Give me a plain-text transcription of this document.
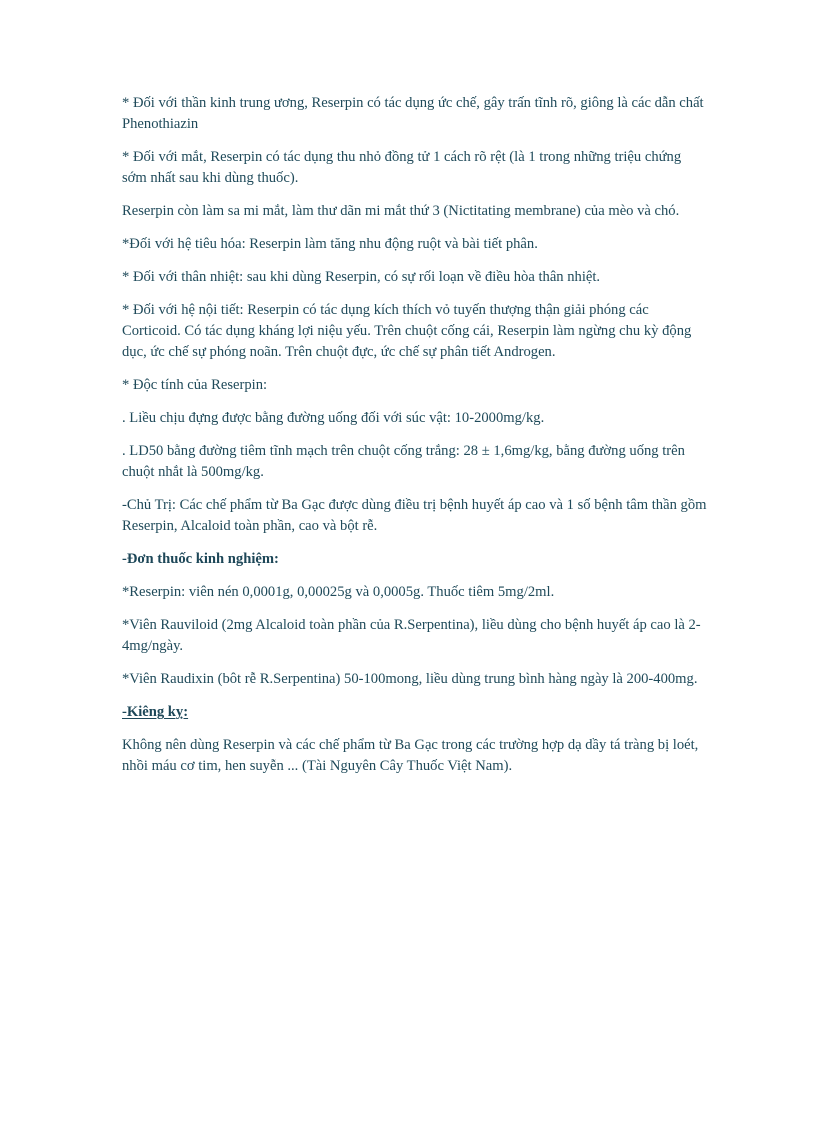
* Đối với thần kinh trung ương, Reserpin có tác dụng ức chế, gây trấn tĩnh rõ, giông là các dẫn chất Phenothiazin

* Đối với mắt, Reserpin có tác dụng thu nhỏ đồng tử 1 cách rõ rệt (là 1 trong những triệu chứng sớm nhất sau khi dùng thuốc).

Reserpin còn làm sa mi mắt, làm thư dãn mi mắt thứ 3 (Nictitating membrane) của mèo và chó.

*Đối với hệ tiêu hóa: Reserpin làm tăng nhu động ruột và bài tiết phân.

* Đối với thân nhiệt: sau khi dùng Reserpin, có sự rối loạn về điều hòa thân nhiệt.

* Đối với hệ nội tiết: Reserpin có tác dụng kích thích vỏ tuyến thượng thận giải phóng các Corticoid. Có tác dụng kháng lợi niệu yếu. Trên chuột cống cái, Reserpin làm ngừng chu kỳ động dục, ức chế sự phóng noãn. Trên chuột đực, ức chế sự phân tiết Androgen.

* Độc tính của Reserpin:

. Liều chịu đựng được bằng đường uống đối với súc vật: 10-2000mg/kg.

. LD50 bằng đường tiêm tĩnh mạch trên chuột cống trắng: 28 ± 1,6mg/kg, bằng đường uống trên chuột nhắt là 500mg/kg.

-Chủ Trị: Các chế phẩm từ Ba Gạc được dùng điều trị bệnh huyết áp cao và 1 số bệnh tâm thần gồm Reserpin, Alcaloid toàn phần, cao và bột rễ.

-Đơn thuốc kinh nghiệm:

*Reserpin: viên nén 0,0001g, 0,00025g và 0,0005g. Thuốc tiêm 5mg/2ml.

*Viên Rauviloid (2mg Alcaloid toàn phần của R.Serpentina), liều dùng cho bệnh huyết áp cao là 2-4mg/ngày.

*Viên Raudixin (bôt rễ R.Serpentina) 50-100mong, liều dùng trung bình hàng ngày là 200-400mg.

-Kiêng kỵ:

Không nên dùng Reserpin và các chế phẩm từ Ba Gạc trong các trường hợp dạ dầy tá tràng bị loét, nhồi máu cơ tim, hen suyễn ... (Tài Nguyên Cây Thuốc Việt Nam).
